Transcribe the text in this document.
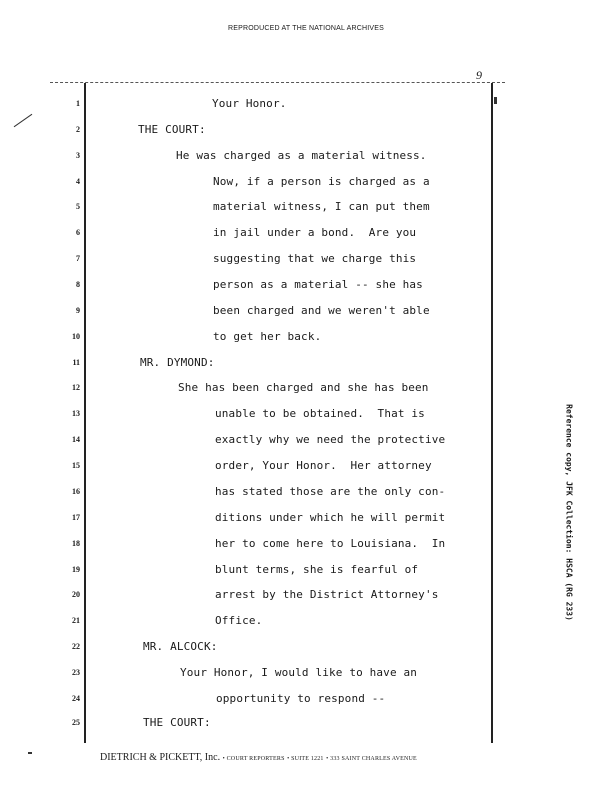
REPRODUCED AT THE NATIONAL ARCHIVES
9
1
2
3
4
5
6
7
8
9
10
11
12
13
14
15
16
17
18
19
20
21
22
23
24
25
Your Honor.
THE COURT:
He was charged as a material witness.
Now, if a person is charged as a
material witness, I can put them
in jail under a bond.  Are you
suggesting that we charge this
person as a material -- she has
been charged and we weren't able
to get her back.
MR. DYMOND:
She has been charged and she has been
unable to be obtained.  That is
exactly why we need the protective
order, Your Honor.  Her attorney
has stated those are the only con-
ditions under which he will permit
her to come here to Louisiana.  In
blunt terms, she is fearful of
arrest by the District Attorney's
Office.
MR. ALCOCK:
Your Honor, I would like to have an
opportunity to respond --
THE COURT:
DIETRICH & PICKETT, Inc. • COURT REPORTERS • SUITE 1221 • 333 SAINT CHARLES AVENUE
Reference copy, JFK Collection: HSCA (RG 233)
